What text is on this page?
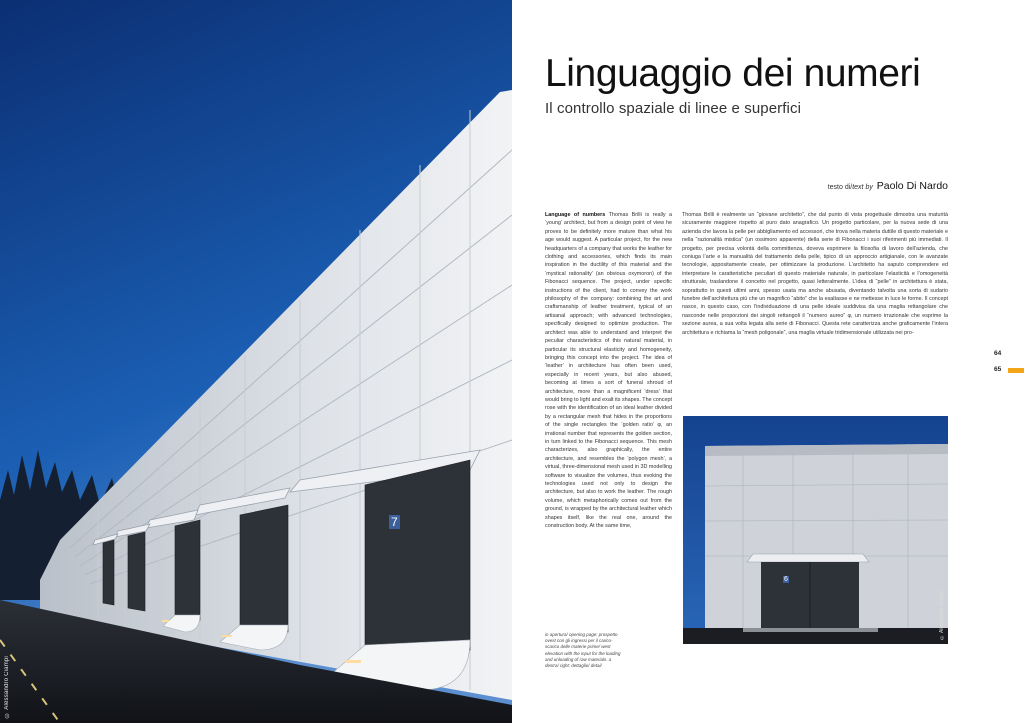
7
© Alessandro Ciampi
Linguaggio dei numeri
Il controllo spaziale di linee e superfici
testo di/text by Paolo Di Nardo

Language of numbers Thomas Brilli is really a ‘young’ architect, but from a design point of view he proves to be definitely more mature than what his age would suggest. A particular project, for the new headquarters of a company that works the leather for clothing and accessories, which finds its main inspiration in the ductility of this material and the ‘mystical rationality’ (an obvious oxymoron) of the Fibonacci sequence. The project, under specific instructions of the client, had to convey the work philosophy of the company: combining the art and craftsmanship of leather treatment, typical of an artisanal approach; with advanced technologies, specifically designed to optimize production. The architect was able to understand and interpret the peculiar characteristics of this natural material, in particular its structural elasticity and homogeneity, bringing this concept into the project. The idea of ‘leather’ in architecture has often been used, especially in recent years, but also abused, becoming at times a sort of funeral shroud of architecture, more than a magnificent ‘dress’ that would bring to light and exalt its shapes. The concept rose with the identification of an ideal leather divided by a rectangular mesh that hides in the proportions of the single rectangles the ‘golden ratio’ φ, an irrational number that represents the golden section, in turn linked to the Fibonacci sequence. This mesh characterizes, also graphically, the entire architecture, and resembles the ‘polygon mesh’, a virtual, three-dimensional mesh used in 3D modelling software to visualize the volumes, thus evoking the technologies used not only to design the architecture, but also to work the leather. The rough volume, which metaphorically comes out from the ground, is wrapped by the architectural leather which shapes itself, like the real one, around the construction body. At the same time,

Thomas Brilli è realmente un “giovane architetto”, che dal punto di vista progettuale dimostra una maturità sicuramente maggiore rispetto al puro dato anagrafico. Un progetto particolare, per la nuova sede di una azienda che lavora la pelle per abbigliamento ed accessori, che trova nella materia duttile di questo materiale e nella “razionalità mistica” (un ossimoro apparente) della serie di Fibonacci i suoi riferimenti più immediati. Il progetto, per precisa volontà della committenza, doveva esprimere la filosofia di lavoro dell’azienda, che coniuga l’arte e la manualità del trattamento della pelle, tipico di un approccio artigianale, con le avanzate tecnologie, appositamente create, per ottimizzare la produzione. L’architetto ha saputo comprendere ed interpretare le caratteristiche peculiari di questo materiale naturale, in particolare l’elasticità e l’omogeneità strutturale, traslandone il concetto nel progetto, quasi letteralmente. L’idea di “pelle” in architettura è stata, soprattutto in questi ultimi anni, spesso usata ma anche abusata, diventando talvolta una sorta di sudario funebre dell’architettura più che un magnifico “abito” che la esaltasse e ne mettesse in luce le forme. Il concept nasce, in questo caso, con l’individuazione di una pelle ideale suddivisa da una maglia rettangolare che nasconde nelle proporzioni dei singoli rettangoli il “numero aureo” φ, un numero irrazionale che esprime la sezione aurea, a sua volta legata alla serie di Fibonacci. Questa rete caratterizza anche graficamente l’intera architettura e richiama la “mesh poligonale”, una maglia virtuale tridimensionale utilizzata nei pro-

64
65
6
© Alessandro Ciampi

in apertura/ opening page: prospetto ovest con gli ingressi per il carico-scarico delle materie prime/ west elevation with the input for the loading and unloading of raw materials. a destra/ right: dettaglio/ detail
